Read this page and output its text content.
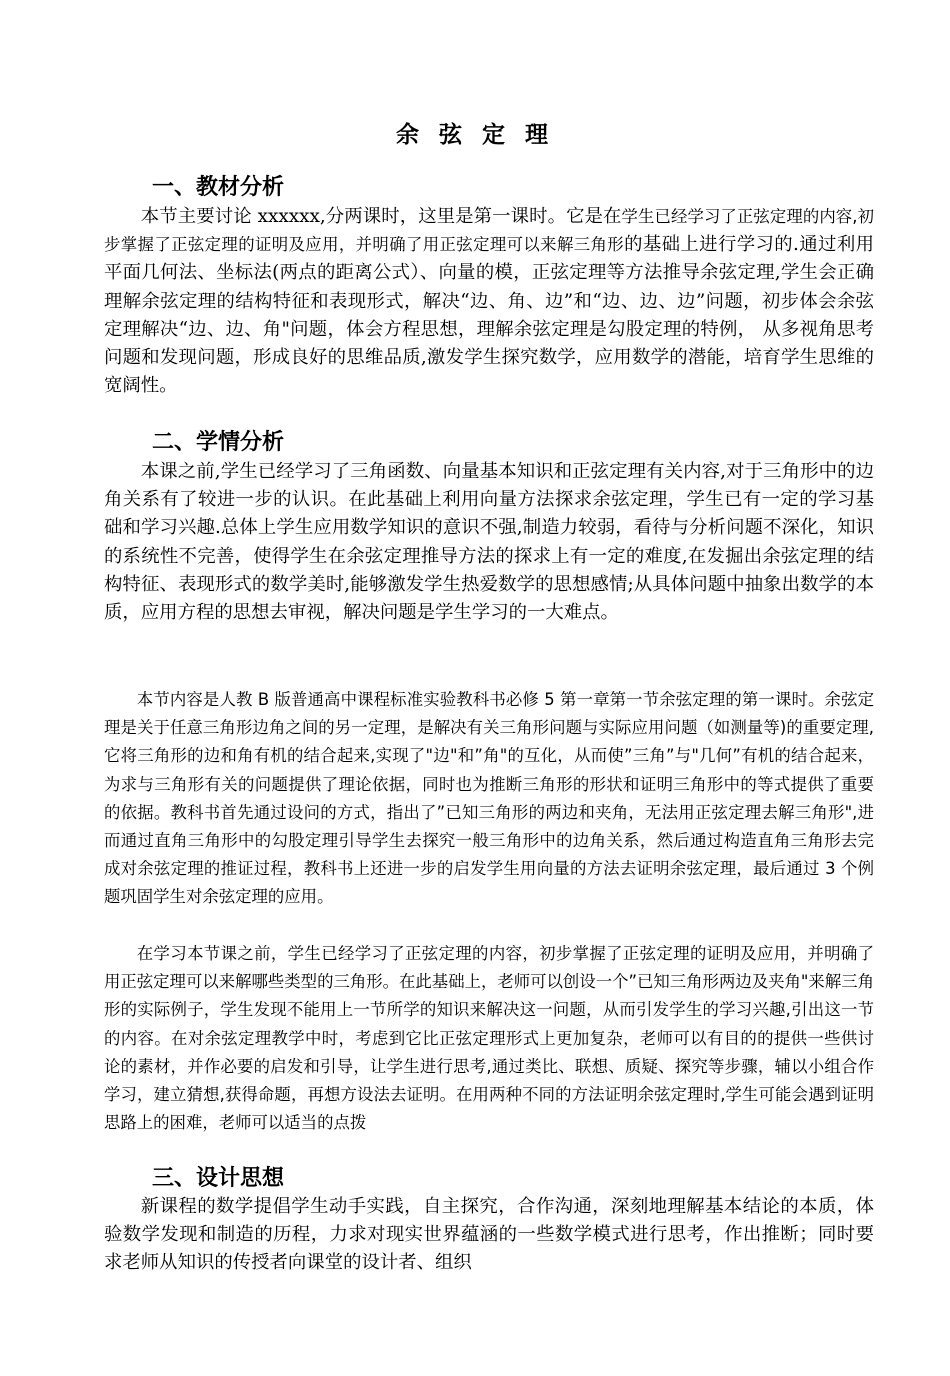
余 弦 定 理
一、教材分析

本节主要讨论 xxxxxx,分两课时，这里是第一课时。它是在学生已经学习了正弦定理的内容,初步掌握了正弦定理的证明及应用，并明确了用正弦定理可以来解三角形的基础上进行学习的.通过利用平面几何法、坐标法(两点的距离公式）、向量的模，正弦定理等方法推导余弦定理,学生会正确理解余弦定理的结构特征和表现形式，解决“边、角、边”和“边、边、边”问题，初步体会余弦定理解决“边、边、角"问题，体会方程思想，理解余弦定理是勾股定理的特例， 从多视角思考问题和发现问题，形成良好的思维品质,激发学生探究数学，应用数学的潜能，培育学生思维的宽阔性。

二、学情分析

本课之前,学生已经学习了三角函数、向量基本知识和正弦定理有关内容,对于三角形中的边角关系有了较进一步的认识。在此基础上利用向量方法探求余弦定理，学生已有一定的学习基础和学习兴趣.总体上学生应用数学知识的意识不强,制造力较弱，看待与分析问题不深化，知识的系统性不完善，使得学生在余弦定理推导方法的探求上有一定的难度,在发掘出余弦定理的结构特征、表现形式的数学美时,能够激发学生热爱数学的思想感情;从具体问题中抽象出数学的本质，应用方程的思想去审视，解决问题是学生学习的一大难点。

本节内容是人教 B 版普通高中课程标准实验教科书必修 5 第一章第一节余弦定理的第一课时。余弦定理是关于任意三角形边角之间的另一定理，是解决有关三角形问题与实际应用问题（如测量等)的重要定理,它将三角形的边和角有机的结合起来,实现了"边"和”角"的互化，从而使”三角”与"几何”有机的结合起来，为求与三角形有关的问题提供了理论依据，同时也为推断三角形的形状和证明三角形中的等式提供了重要的依据。教科书首先通过设问的方式，指出了”已知三角形的两边和夹角，无法用正弦定理去解三角形",进而通过直角三角形中的勾股定理引导学生去探究一般三角形中的边角关系，然后通过构造直角三角形去完成对余弦定理的推证过程，教科书上还进一步的启发学生用向量的方法去证明余弦定理，最后通过 3 个例题巩固学生对余弦定理的应用。

在学习本节课之前，学生已经学习了正弦定理的内容，初步掌握了正弦定理的证明及应用，并明确了用正弦定理可以来解哪些类型的三角形。在此基础上，老师可以创设一个”已知三角形两边及夹角"来解三角形的实际例子，学生发现不能用上一节所学的知识来解决这一问题，从而引发学生的学习兴趣,引出这一节的内容。在对余弦定理教学中时，考虑到它比正弦定理形式上更加复杂，老师可以有目的的提供一些供讨论的素材，并作必要的启发和引导，让学生进行思考,通过类比、联想、质疑、探究等步骤，辅以小组合作学习，建立猜想,获得命题，再想方设法去证明。在用两种不同的方法证明余弦定理时,学生可能会遇到证明思路上的困难，老师可以适当的点拨

三、设计思想

新课程的数学提倡学生动手实践，自主探究，合作沟通，深刻地理解基本结论的本质，体验数学发现和制造的历程，力求对现实世界蕴涵的一些数学模式进行思考，作出推断；同时要求老师从知识的传授者向课堂的设计者、组织
